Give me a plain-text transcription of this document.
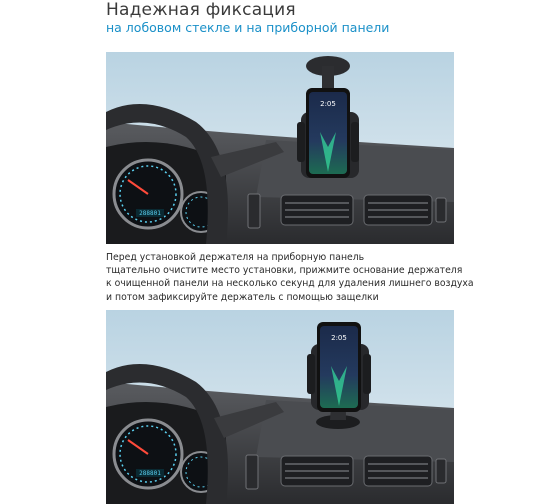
Надежная фиксация
на лобовом стекле и на приборной панели
288801
2:05
Перед установкой держателя на приборную панель
тщательно очистите место установки, прижмите основание держателя
к очищенной панели на несколько секунд для удаления лишнего воздуха
и потом зафиксируйте держатель с помощью защелки
288801
2:05
